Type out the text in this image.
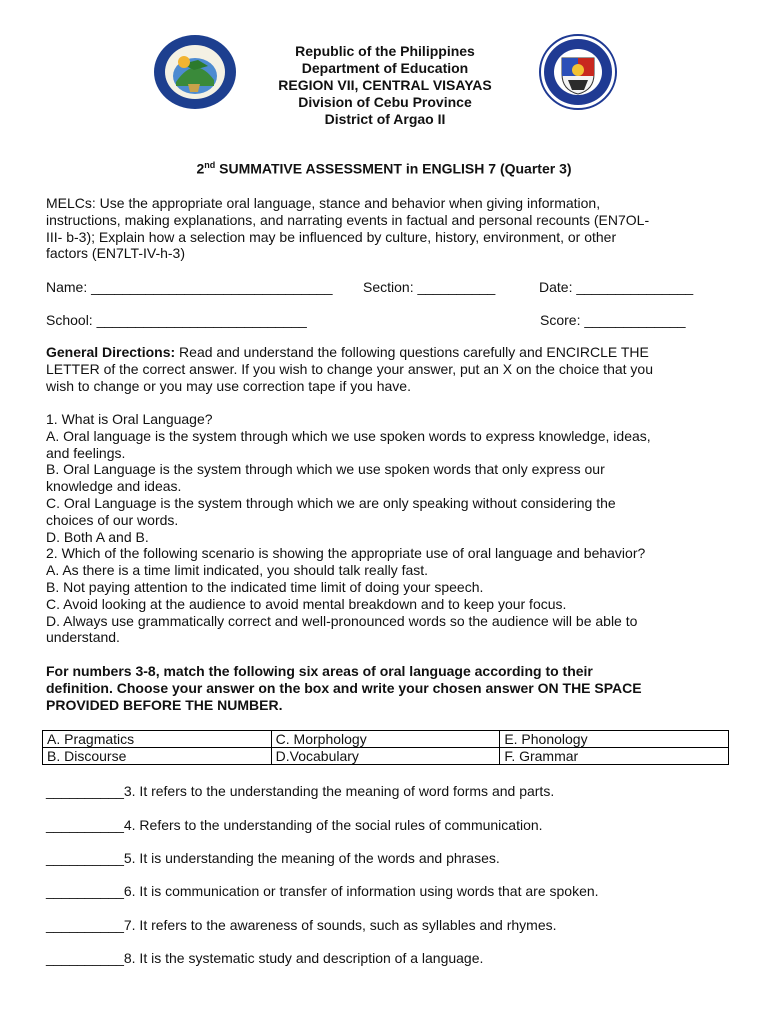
Republic of the Philippines
Department of Education
REGION VII, CENTRAL VISAYAS
Division of Cebu Province
District of Argao II
2nd SUMMATIVE ASSESSMENT in ENGLISH 7 (Quarter 3)
MELCs: Use the appropriate oral language, stance and behavior when giving information,
instructions, making explanations, and narrating events in factual and personal recounts (EN7OL-
III- b-3); Explain how a selection may be influenced by culture, history, environment, or other
factors (EN7LT-IV-h-3)
Name: _______________________________ Section: __________	Date: _______________
School: ___________________________	Score: _____________
General Directions: Read and understand the following questions carefully and ENCIRCLE THE
LETTER of the correct answer. If you wish to change your answer, put an X on the choice that you
wish to change or you may use correction tape if you have.
1. What is Oral Language?
A. Oral language is the system through which we use spoken words to express knowledge, ideas,
and feelings.
B. Oral Language is the system through which we use spoken words that only express our
knowledge and ideas.
C. Oral Language is the system through which we are only speaking without considering the
choices of our words.
D. Both A and B.
2. Which of the following scenario is showing the appropriate use of oral language and behavior?
A. As there is a time limit indicated, you should talk really fast.
B. Not paying attention to the indicated time limit of doing your speech.
C. Avoid looking at the audience to avoid mental breakdown and to keep your focus.
D. Always use grammatically correct and well-pronounced words so the audience will be able to
understand.
For numbers 3-8, match the following six areas of oral language according to their
definition. Choose your answer on the box and write your chosen answer ON THE SPACE
PROVIDED BEFORE THE NUMBER.
A. Pragmatics	C. Morphology	E. Phonology
B. Discourse	D.Vocabulary	F. Grammar
__________3. It refers to the understanding the meaning of word forms and parts.
__________4. Refers to the understanding of the social rules of communication.
__________5. It is understanding the meaning of the words and phrases.
__________6. It is communication or transfer of information using words that are spoken.
__________7. It refers to the awareness of sounds, such as syllables and rhymes.
__________8. It is the systematic study and description of a language.
